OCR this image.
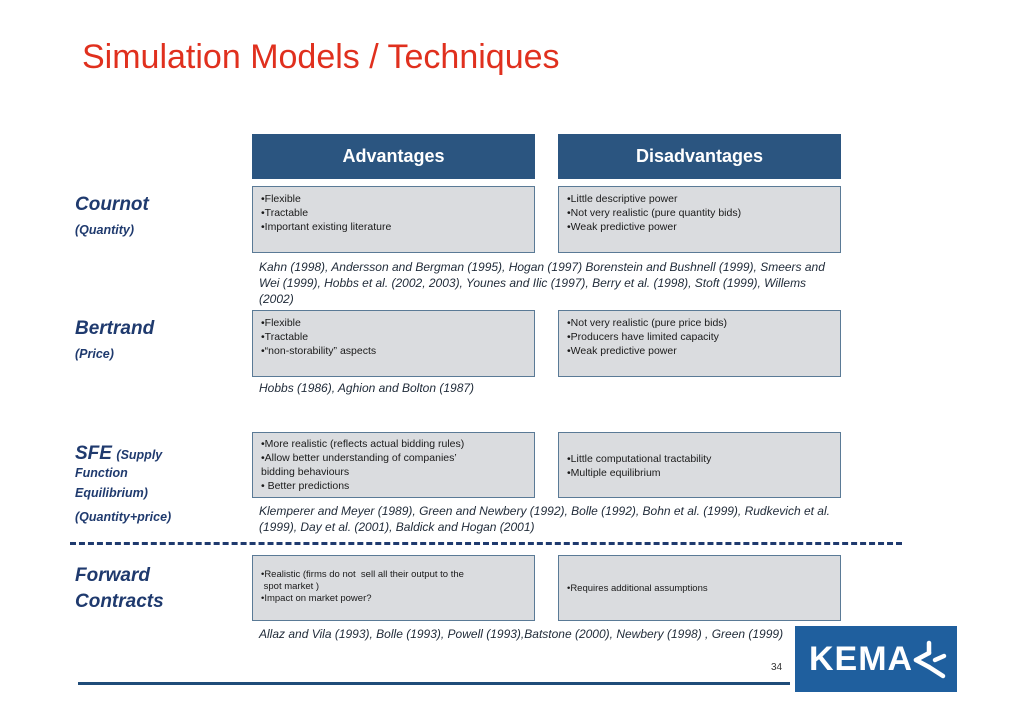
Simulation Models / Techniques
Advantages	Disadvantages
Cournot
(Quantity)
•Flexible
•Tractable
•Important existing literature
•Little descriptive power
•Not very realistic (pure quantity bids)
•Weak predictive power
Kahn (1998), Andersson and Bergman (1995), Hogan (1997) Borenstein and Bushnell (1999), Smeers and Wei (1999), Hobbs et al. (2002, 2003), Younes and Ilic (1997), Berry et al. (1998), Stoft (1999), Willems (2002)
Bertrand
(Price)
•Flexible
•Tractable
•“non-storability” aspects
•Not very realistic (pure price bids)
•Producers have limited capacity
•Weak predictive power
Hobbs (1986), Aghion and Bolton (1987)
SFE (Supply
Function
Equilibrium)
(Quantity+price)
•More realistic (reflects actual bidding rules)
•Allow better understanding of companies’
bidding behaviours
• Better predictions
•Little computational tractability
•Multiple equilibrium
Klemperer and Meyer (1989), Green and Newbery (1992), Bolle (1992), Bohn et al. (1999), Rudkevich et al. (1999), Day et al. (2001), Baldick and Hogan (2001)
Forward
Contracts
•Realistic (firms do not  sell all their output to the
spot market )
•Impact on market power?
•Requires additional assumptions
Allaz and Vila (1993), Bolle (1993), Powell (1993),Batstone (2000), Newbery (1998) , Green (1999)
34 KEMA
